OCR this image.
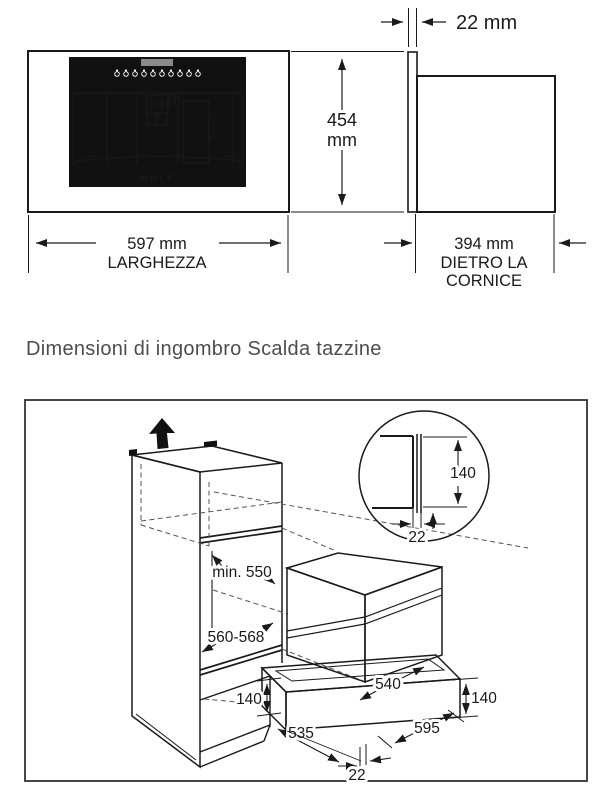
WOLF
597 mm
LARGHEZZA
22 mm
454
mm
394 mm
DIETRO LA
CORNICE
140
22
min. 550
560-568
140
540
140
595
535
22
Dimensioni di ingombro Scalda tazzine
